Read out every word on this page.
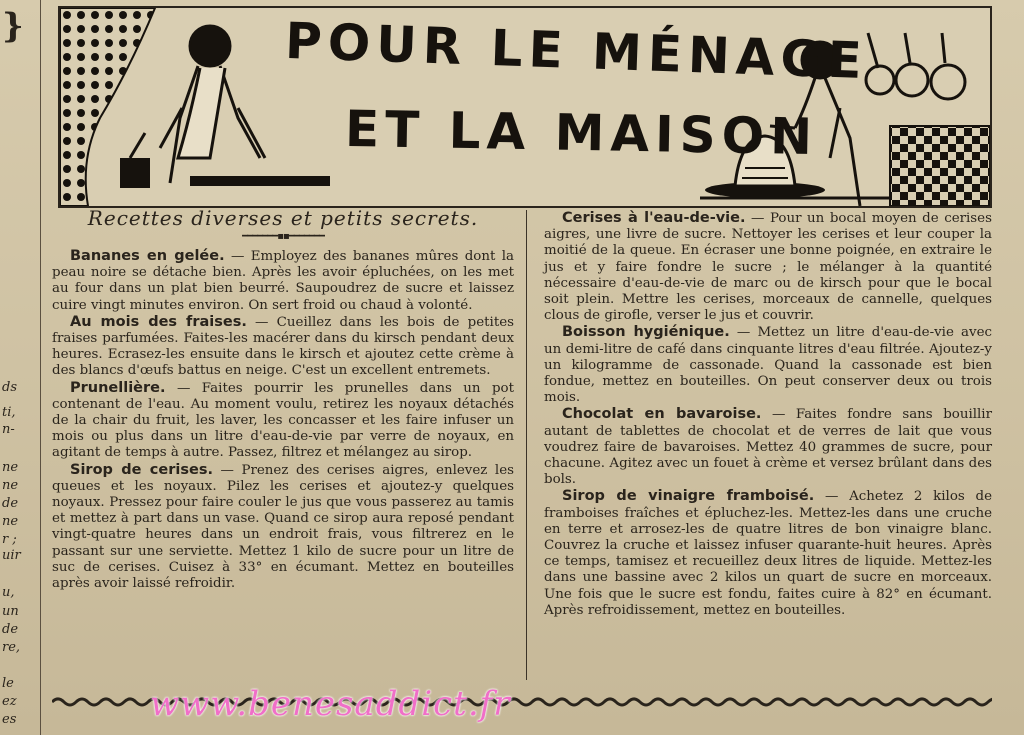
}
ds
ti,
n-
ne
ne
de
ne
r ;
uir
u,
un
de
re,
le
ez
es
POUR LE MÉNAGE
ET LA MAISON
Recettes diverses et petits secrets.
━━━━━━━▪▪━━━━━━━

Bananes en gelée. — Employez des bananes mûres dont la peau noire se détache bien. Après les avoir épluchées, on les met au four dans un plat bien beurré. Saupoudrez de sucre et laissez cuire vingt minutes environ. On sert froid ou chaud à volonté.

Au mois des fraises. — Cueillez dans les bois de petites fraises parfumées. Faites-les macérer dans du kirsch pendant deux heures. Ecrasez-les ensuite dans le kirsch et ajoutez cette crème à des blancs d'œufs battus en neige. C'est un excellent entremets.

Prunellière. — Faites pourrir les prunelles dans un pot contenant de l'eau. Au moment voulu, retirez les noyaux détachés de la chair du fruit, les laver, les concasser et les faire infuser un mois ou plus dans un litre d'eau-de-vie par verre de noyaux, en agitant de temps à autre. Passez, filtrez et mélangez au sirop.

Sirop de cerises. — Prenez des cerises aigres, enlevez les queues et les noyaux. Pilez les cerises et ajoutez-y quelques noyaux. Pressez pour faire couler le jus que vous passerez au tamis et mettez à part dans un vase. Quand ce sirop aura reposé pendant vingt-quatre heures dans un endroit frais, vous filtrerez en le passant sur une serviette. Mettez 1 kilo de sucre pour un litre de suc de cerises. Cuisez à 33° en écumant. Mettez en bouteilles après avoir laissé refroidir.

Cerises à l'eau-de-vie. — Pour un bocal moyen de cerises aigres, une livre de sucre. Nettoyer les cerises et leur couper la moitié de la queue. En écraser une bonne poignée, en extraire le jus et y faire fondre le sucre ; le mélanger à la quantité nécessaire d'eau-de-vie de marc ou de kirsch pour que le bocal soit plein. Mettre les cerises, morceaux de cannelle, quelques clous de girofle, verser le jus et couvrir.

Boisson hygiénique. — Mettez un litre d'eau-de-vie avec un demi-litre de café dans cinquante litres d'eau filtrée. Ajoutez-y un kilogramme de cassonade. Quand la cassonade est bien fondue, mettez en bouteilles. On peut conserver deux ou trois mois.

Chocolat en bavaroise. — Faites fondre sans bouillir autant de tablettes de chocolat et de verres de lait que vous voudrez faire de bavaroises. Mettez 40 grammes de sucre, pour chacune. Agitez avec un fouet à crème et versez brûlant dans des bols.

Sirop de vinaigre framboisé. — Achetez 2 kilos de framboises fraîches et épluchez-les. Mettez-les dans une cruche en terre et arrosez-les de quatre litres de bon vinaigre blanc. Couvrez la cruche et laissez infuser quarante-huit heures. Après ce temps, tamisez et recueillez deux litres de liquide. Mettez-les dans une bassine avec 2 kilos un quart de sucre en morceaux. Une fois que le sucre est fondu, faites cuire à 82° en écumant. Après refroidissement, mettez en bouteilles.

www.benesaddict.fr
